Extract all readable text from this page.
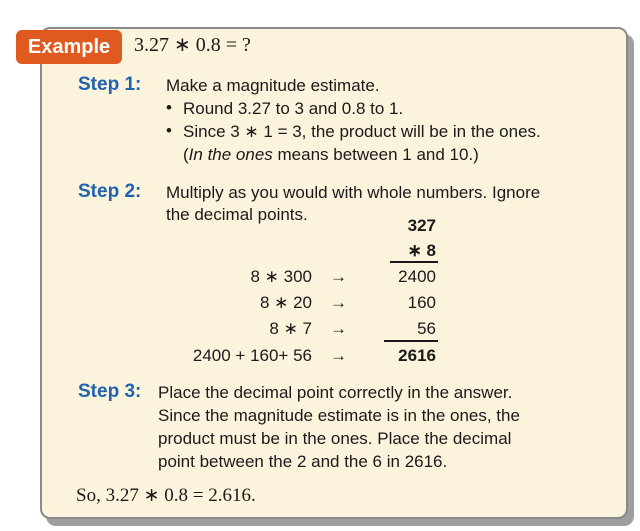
Example	3.27 ∗ 0.8 = ?
Step 1: Make a magnitude estimate.
• Round 3.27 to 3 and 0.8 to 1.
• Since 3 ∗ 1 = 3, the product will be in the ones.
(In the ones means between 1 and 10.)
Step 2: Multiply as you would with whole numbers. Ignore
the decimal points.
327
∗ 8
8 ∗ 300 →	2400
8 ∗ 20 →	160
8 ∗ 7 →	56
2400 + 160+ 56 →	2616
Step 3: Place the decimal point correctly in the answer.
Since the magnitude estimate is in the ones, the
product must be in the ones. Place the decimal
point between the 2 and the 6 in 2616.
So, 3.27 ∗ 0.8 = 2.616.
